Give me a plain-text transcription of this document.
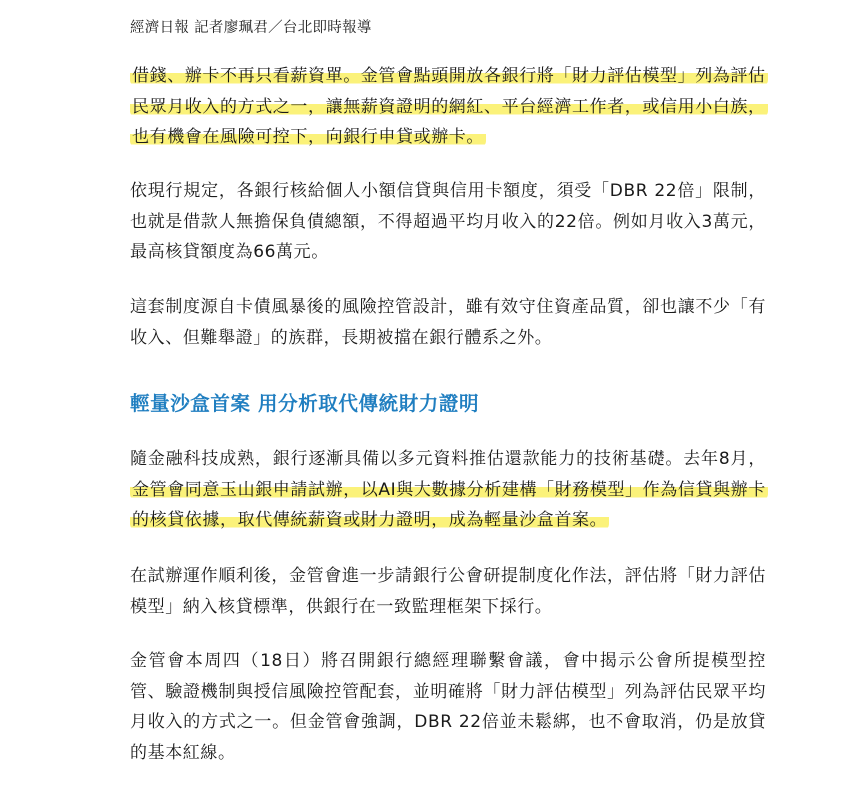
經濟日報 記者廖珮君／台北即時報導

借錢、辦卡不再只看薪資單。金管會點頭開放各銀行將「財力評估模型」列為評估民眾月收入的方式之一，讓無薪資證明的網紅、平台經濟工作者，或信用小白族，也有機會在風險可控下，向銀行申貸或辦卡。

依現行規定，各銀行核給個人小額信貸與信用卡額度，須受「DBR 22倍」限制，也就是借款人無擔保負債總額，不得超過平均月收入的22倍。例如月收入3萬元，最高核貸額度為66萬元。

這套制度源自卡債風暴後的風險控管設計，雖有效守住資產品質，卻也讓不少「有收入、但難舉證」的族群，長期被擋在銀行體系之外。

輕量沙盒首案 用分析取代傳統財力證明

隨金融科技成熟，銀行逐漸具備以多元資料推估還款能力的技術基礎。去年8月，金管會同意玉山銀申請試辦，以AI與大數據分析建構「財務模型」作為信貸與辦卡的核貸依據，取代傳統薪資或財力證明，成為輕量沙盒首案。

在試辦運作順利後，金管會進一步請銀行公會研提制度化作法，評估將「財力評估模型」納入核貸標準，供銀行在一致監理框架下採行。

金管會本周四（18日）將召開銀行總經理聯繫會議，會中揭示公會所提模型控管、驗證機制與授信風險控管配套，並明確將「財力評估模型」列為評估民眾平均月收入的方式之一。但金管會強調，DBR 22倍並未鬆綁，也不會取消，仍是放貸的基本紅線。
